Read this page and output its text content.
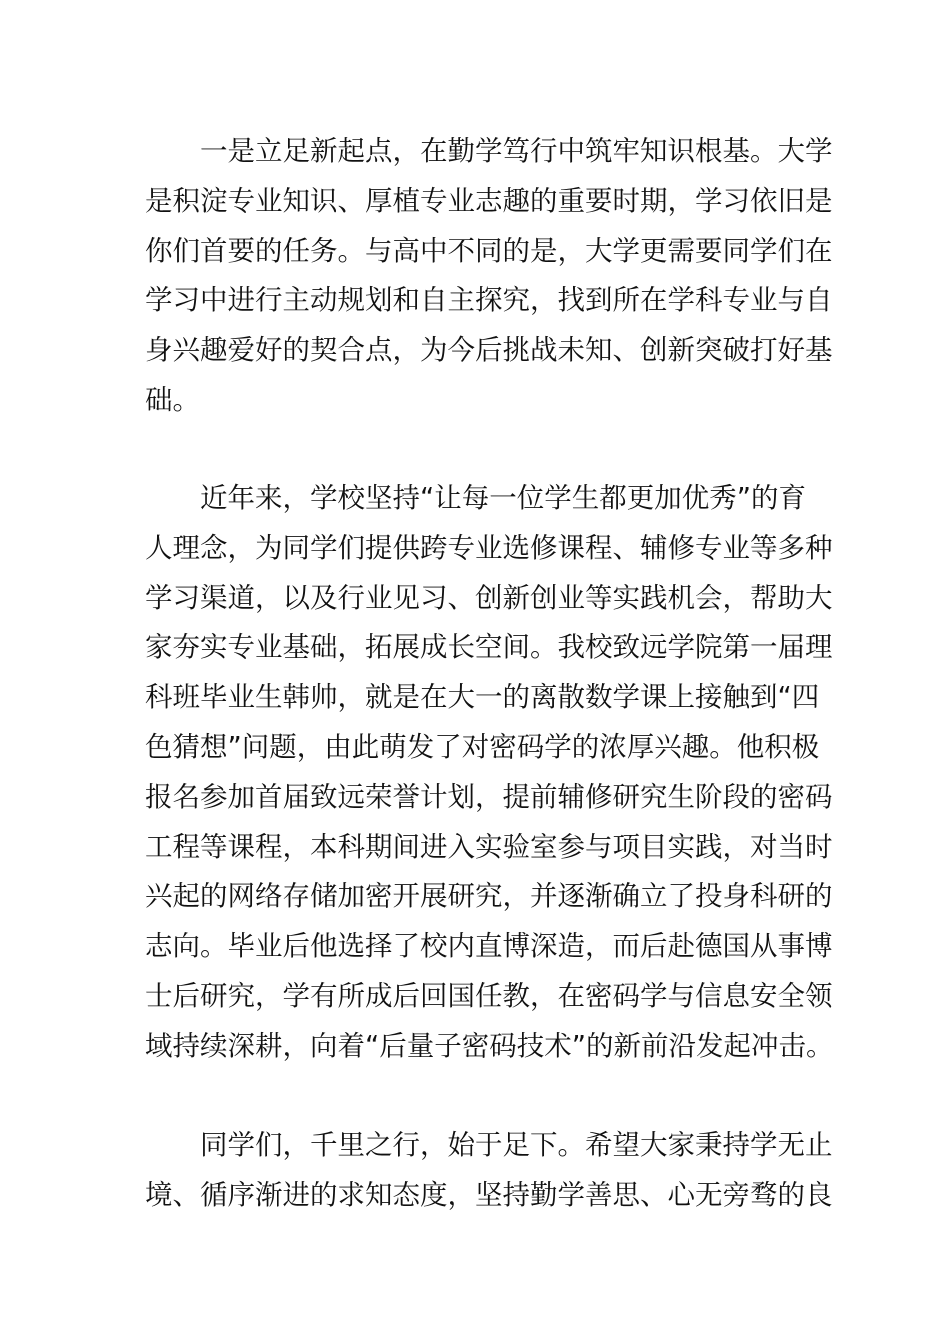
　　一是立足新起点，在勤学笃行中筑牢知识根基。大学
是积淀专业知识、厚植专业志趣的重要时期，学习依旧是
你们首要的任务。与高中不同的是，大学更需要同学们在
学习中进行主动规划和自主探究，找到所在学科专业与自
身兴趣爱好的契合点，为今后挑战未知、创新突破打好基
础。

　　近年来，学校坚持“让每一位学生都更加优秀”的育
人理念，为同学们提供跨专业选修课程、辅修专业等多种
学习渠道，以及行业见习、创新创业等实践机会，帮助大
家夯实专业基础，拓展成长空间。我校致远学院第一届理
科班毕业生韩帅，就是在大一的离散数学课上接触到“四
色猜想”问题，由此萌发了对密码学的浓厚兴趣。他积极
报名参加首届致远荣誉计划，提前辅修研究生阶段的密码
工程等课程，本科期间进入实验室参与项目实践，对当时
兴起的网络存储加密开展研究，并逐渐确立了投身科研的
志向。毕业后他选择了校内直博深造，而后赴德国从事博
士后研究，学有所成后回国任教，在密码学与信息安全领
域持续深耕，向着“后量子密码技术”的新前沿发起冲击。

　　同学们，千里之行，始于足下。希望大家秉持学无止
境、循序渐进的求知态度，坚持勤学善思、心无旁骛的良
